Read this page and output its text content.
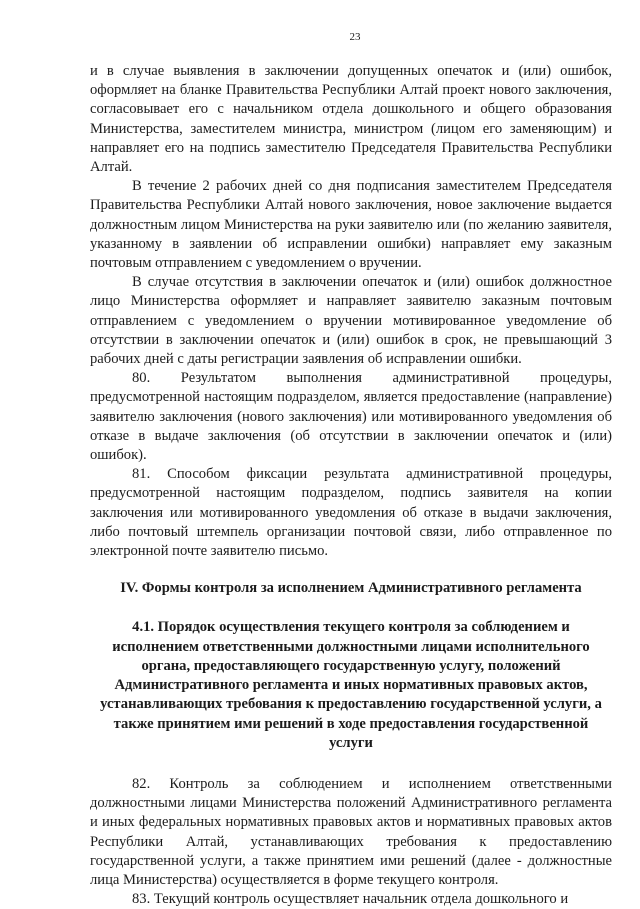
23

и в случае выявления в заключении допущенных опечаток и (или) ошибок, оформляет на бланке Правительства Республики Алтай проект нового заключения, согласовывает его с начальником отдела дошкольного и общего образования Министерства, заместителем министра, министром (лицом его заменяющим) и направляет его на подпись заместителю Председателя Правительства Республики Алтай.

В течение 2 рабочих дней со дня подписания заместителем Председателя Правительства Республики Алтай нового заключения, новое заключение выдается должностным лицом Министерства на руки заявителю или (по желанию заявителя, указанному в заявлении об исправлении ошибки) направляет ему заказным почтовым отправлением с уведомлением о вручении.

В случае отсутствия в заключении опечаток и (или) ошибок должностное лицо Министерства оформляет и направляет заявителю заказным почтовым отправлением с уведомлением о вручении мотивированное уведомление об отсутствии в заключении опечаток и (или) ошибок в срок, не превышающий 3 рабочих дней с даты регистрации заявления об исправлении ошибки.

80. Результатом выполнения административной процедуры, предусмотренной настоящим подразделом, является предоставление (направление) заявителю заключения (нового заключения) или мотивированного уведомления об отказе в выдаче заключения (об отсутствии в заключении опечаток и (или) ошибок).

81. Способом фиксации результата административной процедуры, предусмотренной настоящим подразделом, подпись заявителя на копии заключения или мотивированного уведомления об отказе в выдачи заключения, либо почтовый штемпель организации почтовой связи, либо отправленное по электронной почте заявителю письмо.

IV. Формы контроля за исполнением Административного регламента
4.1. Порядок осуществления текущего контроля за соблюдением и исполнением ответственными должностными лицами исполнительного органа, предоставляющего государственную услугу, положений Административного регламента и иных нормативных правовых актов, устанавливающих требования к предоставлению государственной услуги, а также принятием ими решений в ходе предоставления государственной услуги

82. Контроль за соблюдением и исполнением ответственными должностными лицами Министерства положений Административного регламента и иных федеральных нормативных правовых актов и нормативных правовых актов Республики Алтай, устанавливающих требования к предоставлению государственной услуги, а также принятием ими решений (далее - должностные лица Министерства) осуществляется в форме текущего контроля.

83. Текущий контроль осуществляет начальник отдела дошкольного и
